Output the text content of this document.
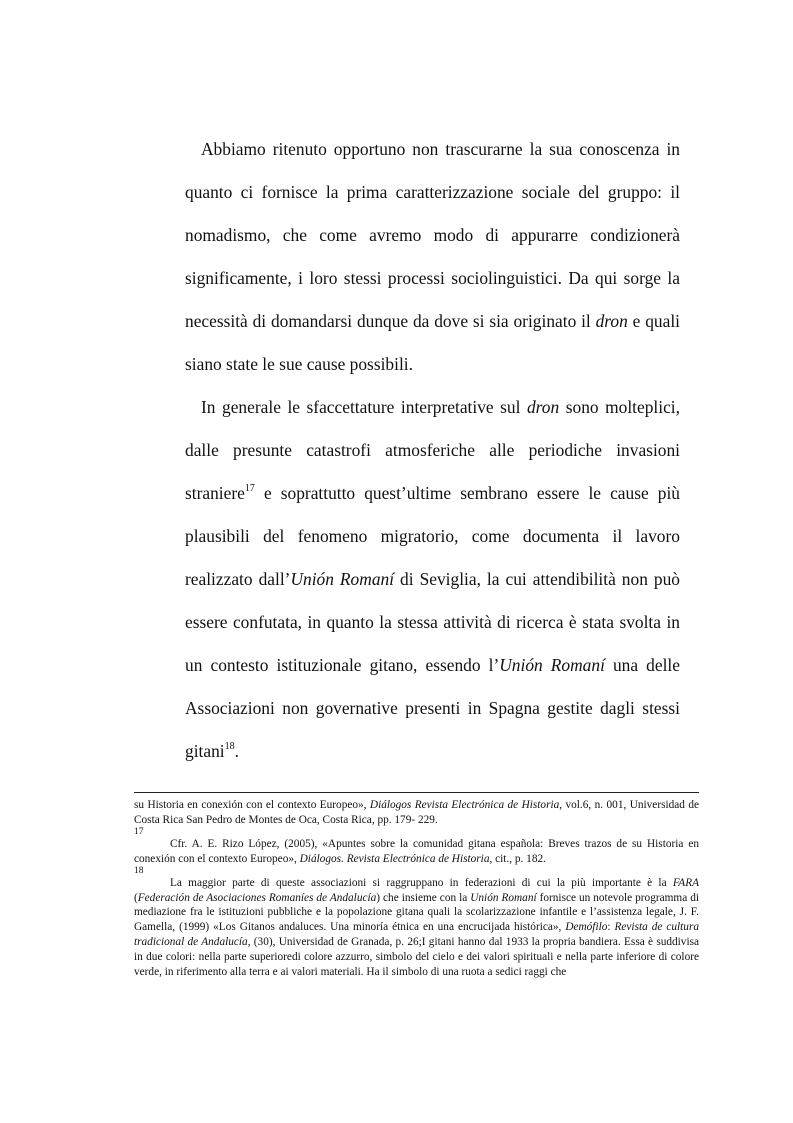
Abbiamo ritenuto opportuno non trascurarne la sua conoscenza in quanto ci fornisce la prima caratterizzazione sociale del gruppo: il nomadismo, che come avremo modo di appurarre condizionerà significamente, i loro stessi processi sociolinguistici. Da qui sorge la necessità di domandarsi dunque da dove si sia originato il dron e quali siano state le sue cause possibili.

In generale le sfaccettature interpretative sul dron sono molteplici, dalle presunte catastrofi atmosferiche alle periodiche invasioni straniere$^{17}$ e soprattutto quest’ultime sembrano essere le cause più plausibili del fenomeno migratorio, come documenta il lavoro realizzato dall’Unión Romaní di Seviglia, la cui attendibilità non può essere confutata, in quanto la stessa attività di ricerca è stata svolta in un contesto istituzionale gitano, essendo l’Unión Romaní una delle Associazioni non governative presenti in Spagna gestite dagli stessi gitani$^{18}$.

su Historia en conexión con el contexto Europeo», Diálogos Revista Electrónica de Historia, vol.6, n. 001, Universidad de Costa Rica San Pedro de Montes de Oca, Costa Rica, pp. 179- 229.

17
Cfr. A. E. Rizo López, (2005), «Apuntes sobre la comunidad gitana española: Breves trazos de su Historia en conexión con el contexto Europeo», Diálogos. Revista Electrónica de Historia, cit., p. 182.

18
La maggior parte di queste associazioni si raggruppano in federazioni di cui la più importante è la FARA (Federación de Asociaciones Romaníes de Andalucía) che insieme con la Unión Romaní fornisce un notevole programma di mediazione fra le istituzioni pubbliche e la popolazione gitana quali la scolarizzazione infantile e l’assistenza legale, J. F. Gamella, (1999) «Los Gitanos andaluces. Una minoría étnica en una encrucijada histórica», Demófilo: Revista de cultura tradicional de Andalucía, (30), Universidad de Granada, p. 26;I gitani hanno dal 1933 la propria bandiera. Essa è suddivisa in due colori: nella parte superioredi colore azzurro, simbolo del cielo e dei valori spirituali e nella parte inferiore di colore verde, in riferimento alla terra e ai valori materiali. Ha il simbolo di una ruota a sedici raggi che
